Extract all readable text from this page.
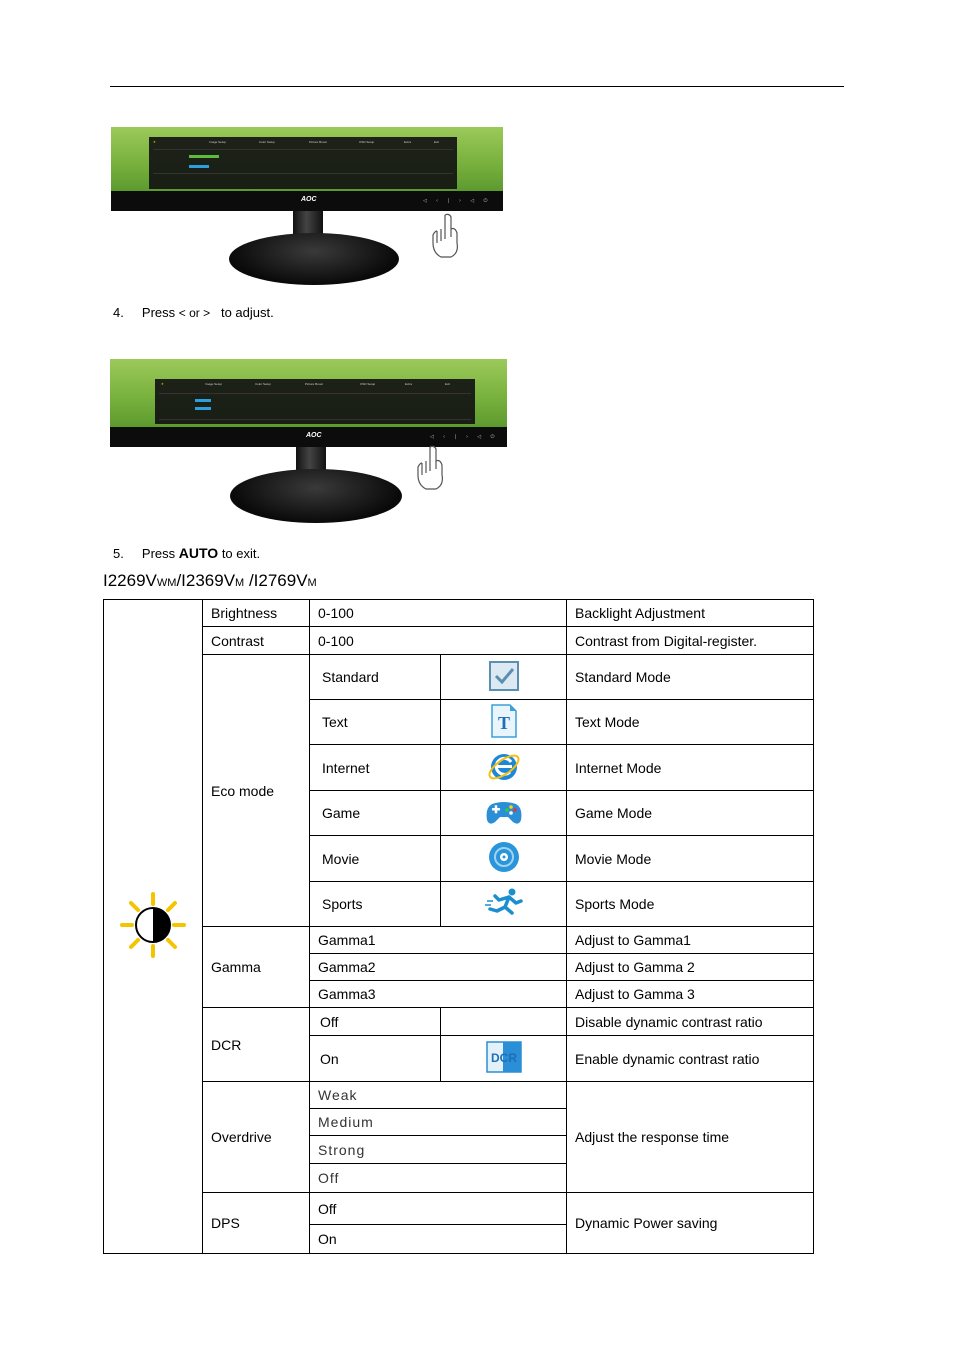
☀	Image Setup	Color Setup	Picture Boost	OSD Setup	Extra	Exit
AOC	◁ ‹ ∣ › ◁ ⏻
4. Press < or > to adjust.
☀	Image Setup	Color Setup	Picture Boost	OSD Setup	Extra	Exit
AOC	◁ ‹ ∣ › ◁ ⏻
5. Press AUTO to exit.
I2269VWM/I2369VM /I2769VM
	Brightness	0-100		Backlight Adjustment
	Contrast	0-100		Contrast from Digital-register.
	Eco mode	Standard		Standard Mode
		Text	T	Text Mode
		Internet		Internet Mode
		Game		Game Mode
		Movie		Movie Mode
		Sports		Sports Mode
	Gamma	Gamma1		Adjust to Gamma1
		Gamma2		Adjust to Gamma 2
		Gamma3		Adjust to Gamma 3
	DCR	Off		Disable dynamic contrast ratio
		On	DCR	Enable dynamic contrast ratio
	Overdrive	Weak		Adjust the response time
		Medium		
		Strong		
		Off		
	DPS	Off		Dynamic Power saving
		On		
